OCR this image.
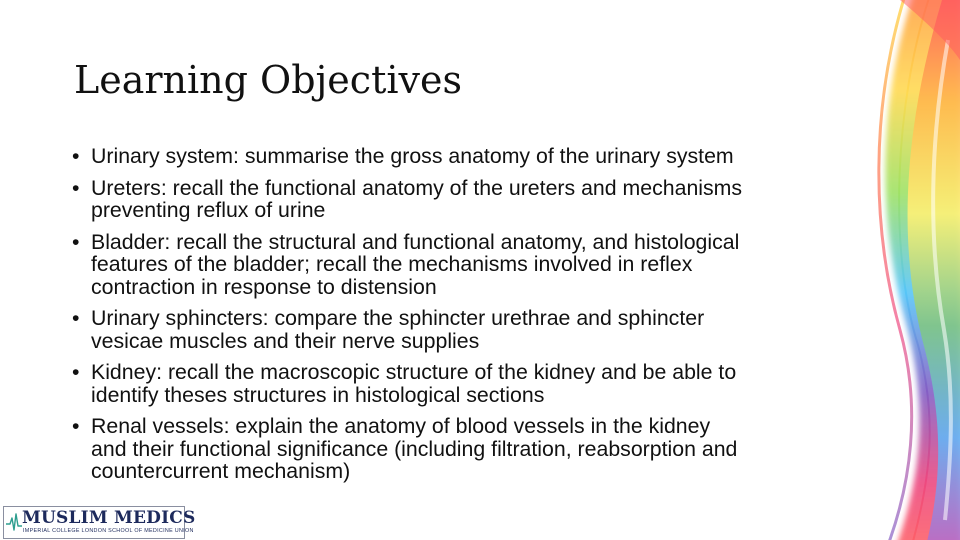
Learning Objectives
• Urinary system: summarise the gross anatomy of the urinary system
• Ureters: recall the functional anatomy of the ureters and mechanisms
preventing reflux of urine
• Bladder: recall the structural and functional anatomy, and histological
features of the bladder; recall the mechanisms involved in reflex
contraction in response to distension
• Urinary sphincters: compare the sphincter urethrae and sphincter
vesicae muscles and their nerve supplies
• Kidney: recall the macroscopic structure of the kidney and be able to
identify theses structures in histological sections
• Renal vessels: explain the anatomy of blood vessels in the kidney
and their functional significance (including filtration, reabsorption and
countercurrent mechanism)
MUSLIM MEDICS
IMPERIAL COLLEGE LONDON SCHOOL OF MEDICINE UNION
